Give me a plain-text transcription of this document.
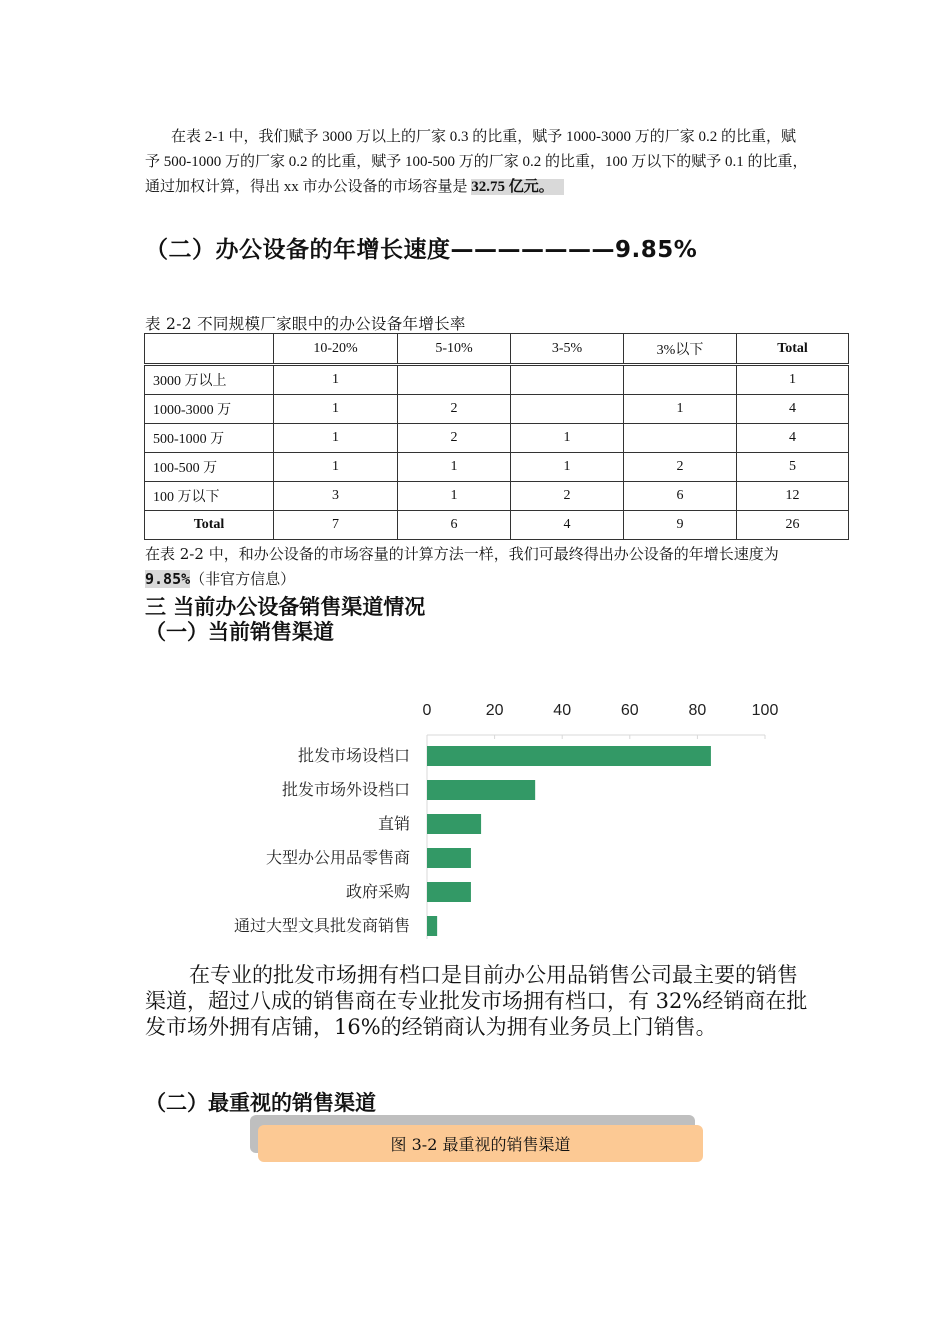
在表 2-1 中，我们赋予 3000 万以上的厂家 0.3 的比重，赋予 1000-3000 万的厂家 0.2 的比重，赋予 500-1000 万的厂家 0.2 的比重，赋予 100-500 万的厂家 0.2 的比重，100 万以下的赋予 0.1 的比重，通过加权计算，得出 xx 市办公设备的市场容量是 32.75 亿元。
（二）办公设备的年增长速度———————9.85%
表 2-2 不同规模厂家眼中的办公设备年增长率
	10-20%	5-10%	3-5%	3%以下	Total
3000 万以上	1				1
1000-3000 万	1	2		1	4
500-1000 万	1	2	1		4
100-500 万	1	1	1	2	5
100 万以下	3	1	2	6	12
Total	7	6	4	9	26
在表 2-2 中，和办公设备的市场容量的计算方法一样，我们可最终得出办公设备的年增长速度为9.85%（非官方信息）
三 当前办公设备销售渠道情况
（一）当前销售渠道
0	20	40	60	80	100
批发市场设档口
批发市场外设档口
直销
大型办公用品零售商
政府采购
通过大型文具批发商销售
在专业的批发市场拥有档口是目前办公用品销售公司最主要的销售渠道，超过八成的销售商在专业批发市场拥有档口，有 32%经销商在批发市场外拥有店铺，16%的经销商认为拥有业务员上门销售。
（二）最重视的销售渠道
图 3-2 最重视的销售渠道
